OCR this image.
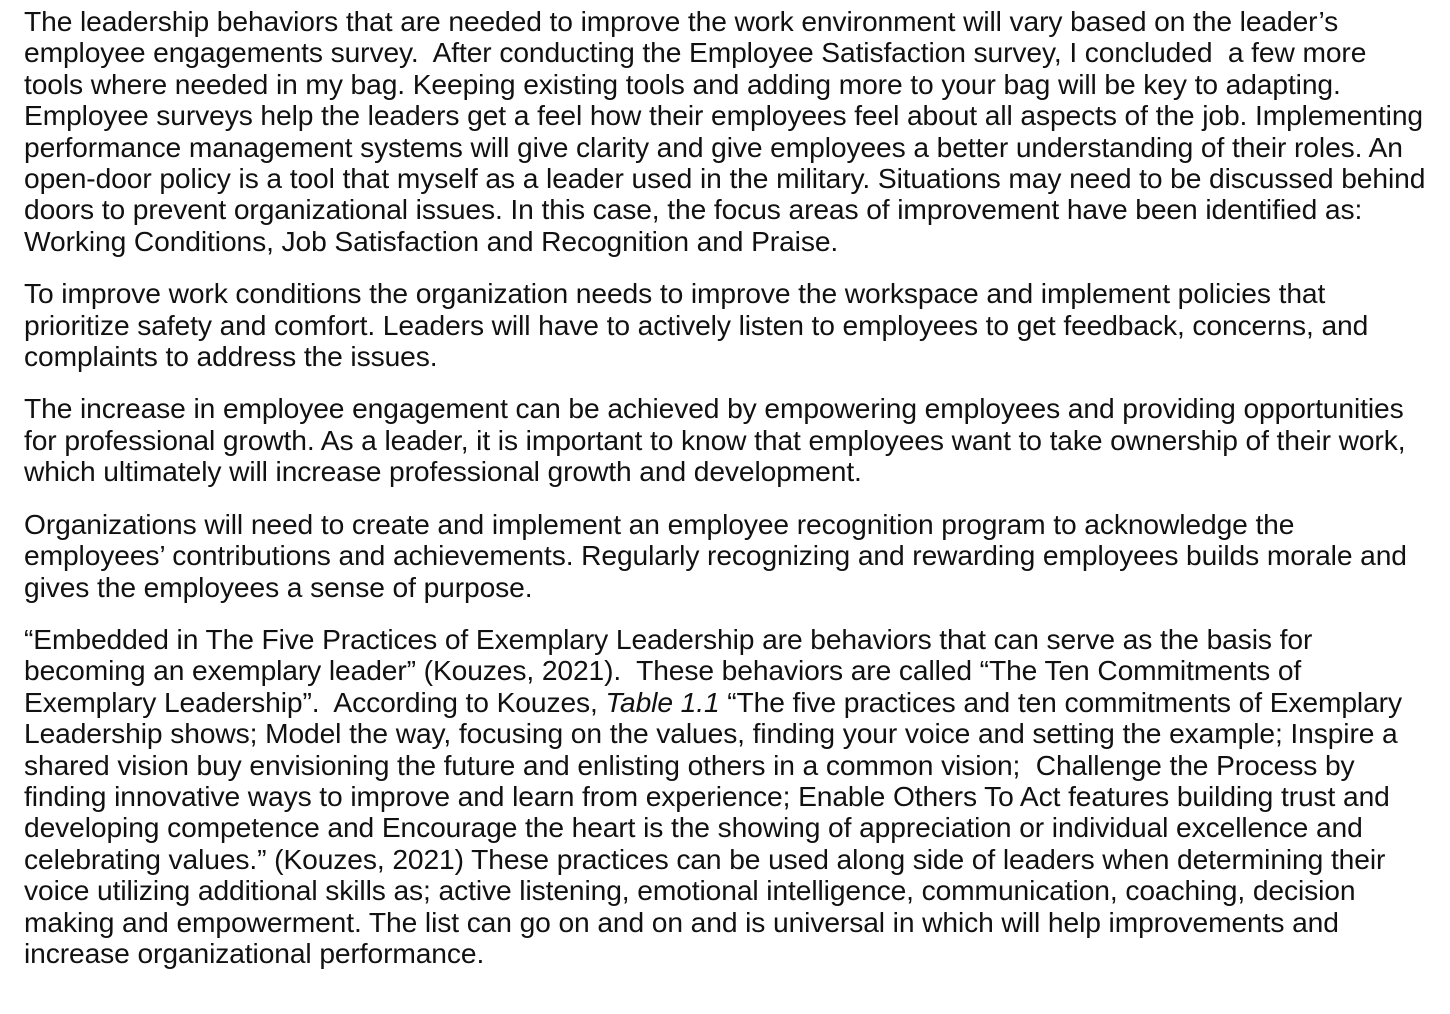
The leadership behaviors that are needed to improve the work environment will vary based on the leader’s employee engagements survey.  After conducting the Employee Satisfaction survey, I concluded  a few more tools where needed in my bag. Keeping existing tools and adding more to your bag will be key to adapting. Employee surveys help the leaders get a feel how their employees feel about all aspects of the job. Implementing performance management systems will give clarity and give employees a better understanding of their roles. An open-door policy is a tool that myself as a leader used in the military. Situations may need to be discussed behind doors to prevent organizational issues. In this case, the focus areas of improvement have been identified as: Working Conditions, Job Satisfaction and Recognition and Praise.

To improve work conditions the organization needs to improve the workspace and implement policies that prioritize safety and comfort. Leaders will have to actively listen to employees to get feedback, concerns, and complaints to address the issues.

The increase in employee engagement can be achieved by empowering employees and providing opportunities for professional growth. As a leader, it is important to know that employees want to take ownership of their work, which ultimately will increase professional growth and development.

Organizations will need to create and implement an employee recognition program to acknowledge the employees’ contributions and achievements. Regularly recognizing and rewarding employees builds morale and gives the employees a sense of purpose.

“Embedded in The Five Practices of Exemplary Leadership are behaviors that can serve as the basis for becoming an exemplary leader” (Kouzes, 2021).  These behaviors are called “The Ten Commitments of Exemplary Leadership”.  According to Kouzes, Table 1.1 “The five practices and ten commitments of Exemplary Leadership shows; Model the way, focusing on the values, finding your voice and setting the example; Inspire a shared vision buy envisioning the future and enlisting others in a common vision;  Challenge the Process by finding innovative ways to improve and learn from experience; Enable Others To Act features building trust and developing competence and Encourage the heart is the showing of appreciation or individual excellence and celebrating values.” (Kouzes, 2021) These practices can be used along side of leaders when determining their voice utilizing additional skills as; active listening, emotional intelligence, communication, coaching, decision making and empowerment. The list can go on and on and is universal in which will help improvements and increase organizational performance.
